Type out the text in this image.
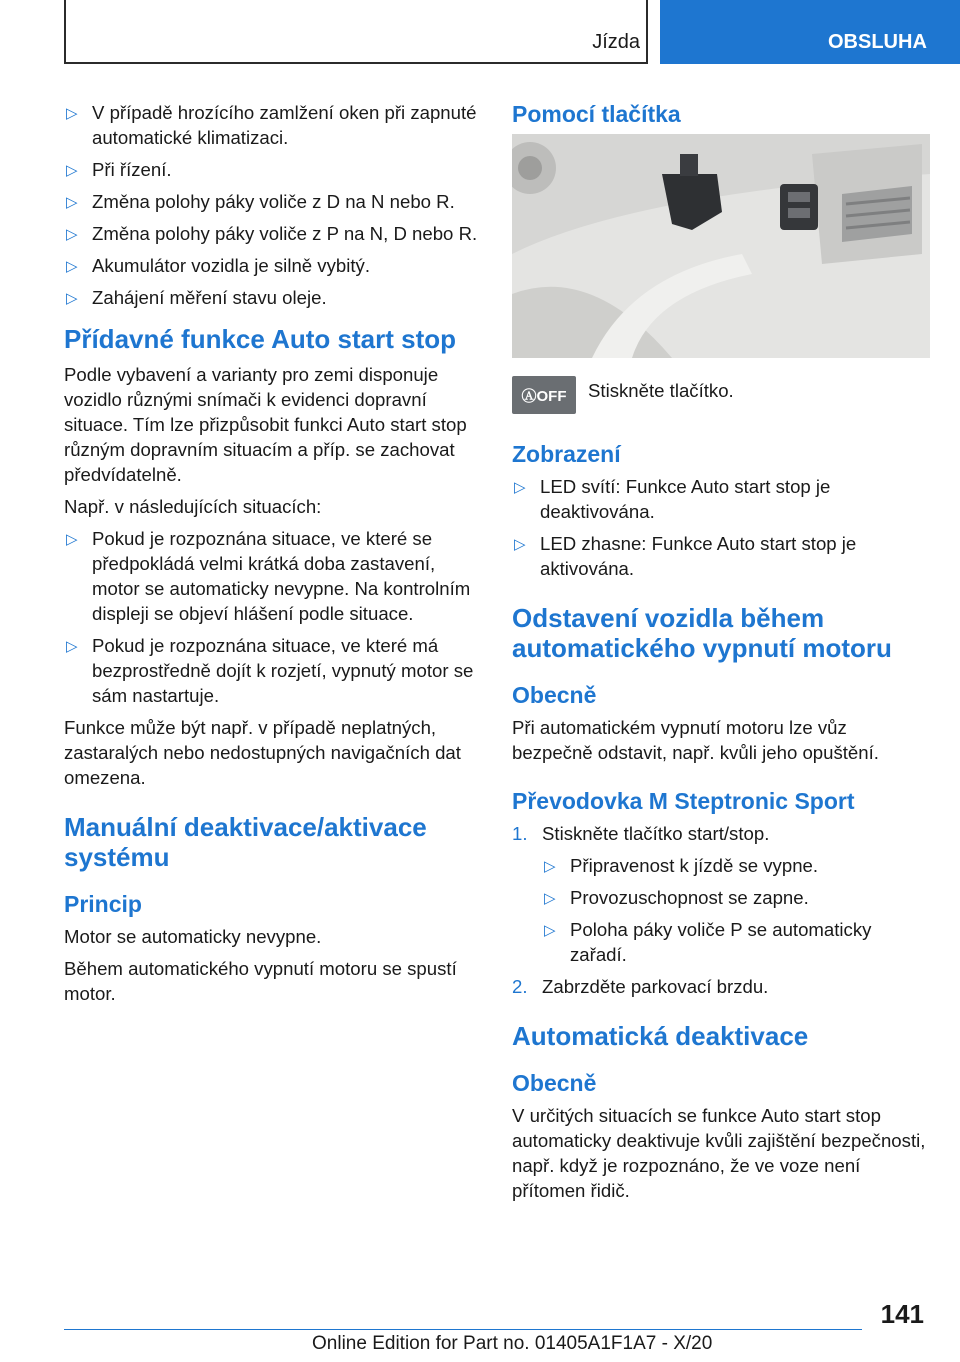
Jízda	OBSLUHA
▷ V případě hrozícího zamlžení oken při zapnuté automatické klimatizaci.
▷ Při řízení.
▷ Změna polohy páky voliče z D na N nebo R.
▷ Změna polohy páky voliče z P na N, D nebo R.
▷ Akumulátor vozidla je silně vybitý.
▷ Zahájení měření stavu oleje.
Přídavné funkce Auto start stop

Podle vybavení a varianty pro zemi disponuje vozidlo různými snímači k evidenci dopravní situace. Tím lze přizpůsobit funkci Auto start stop různým dopravním situacím a příp. se zachovat předvídatelně.

Např. v následujících situacích:

▷ Pokud je rozpoznána situace, ve které se předpokládá velmi krátká doba zastavení, motor se automaticky nevypne. Na kontrolním displeji se objeví hlášení podle situace.
▷ Pokud je rozpoznána situace, ve které má bezprostředně dojít k rozjetí, vypnutý motor se sám nastartuje.

Funkce může být např. v případě neplatných, zastaralých nebo nedostupných navigačních dat omezena.

Manuální deaktivace/aktivace systému
Princip

Motor se automaticky nevypne.

Během automatického vypnutí motoru se spustí motor.

Pomocí tlačítka
ⒶOFF Stiskněte tlačítko.
Zobrazení
▷ LED svítí: Funkce Auto start stop je deaktivována.
▷ LED zhasne: Funkce Auto start stop je aktivována.
Odstavení vozidla během automatického vypnutí motoru
Obecně

Při automatickém vypnutí motoru lze vůz bezpečně odstavit, např. kvůli jeho opuštění.

Převodovka M Steptronic Sport
1. Stiskněte tlačítko start/stop.
▷ Připravenost k jízdě se vypne.
▷ Provozuschopnost se zapne.
▷ Poloha páky voliče P se automaticky zařadí.
2. Zabrzděte parkovací brzdu.
Automatická deaktivace
Obecně

V určitých situacích se funkce Auto start stop automaticky deaktivuje kvůli zajištění bezpečnosti, např. když je rozpoznáno, že ve voze není přítomen řidič.

141
Online Edition for Part no. 01405A1F1A7 - X/20
